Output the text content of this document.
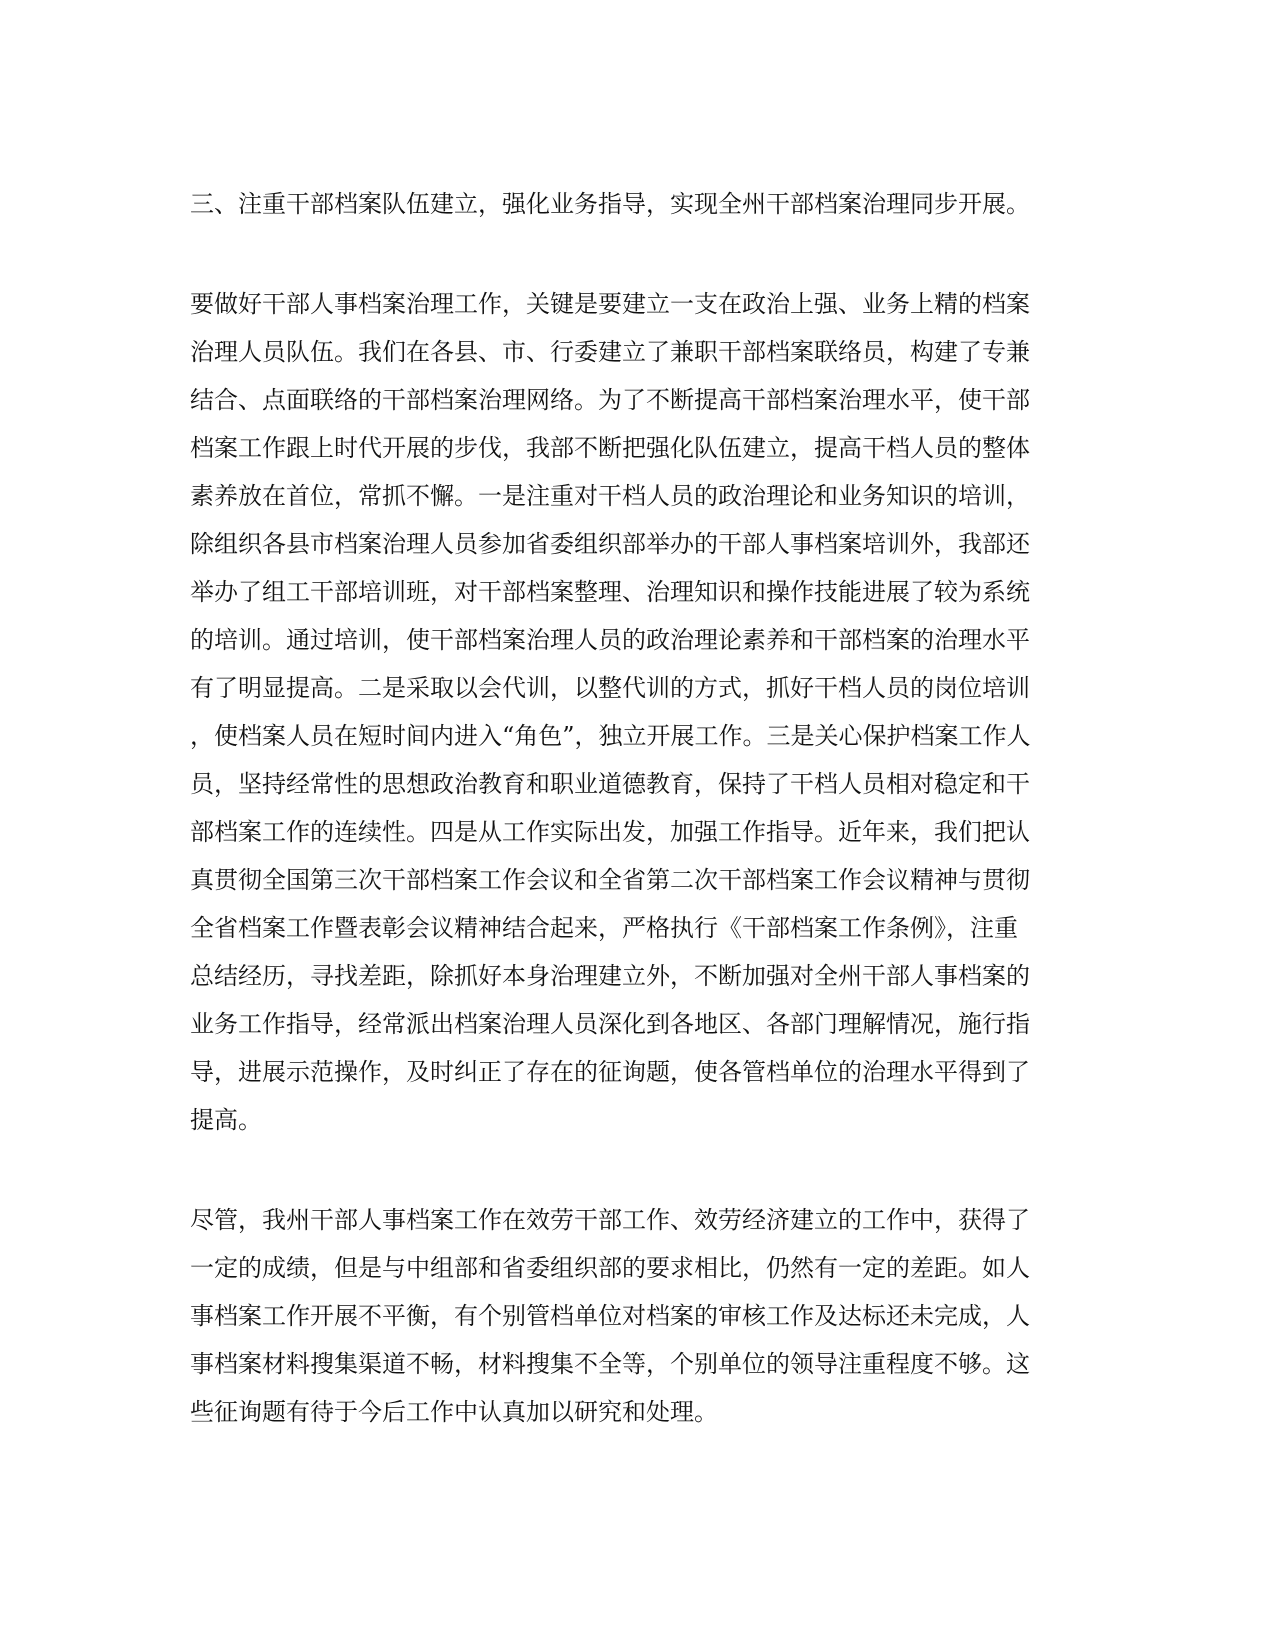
三、注重干部档案队伍建立，强化业务指导，实现全州干部档案治理同步开展。
要做好干部人事档案治理工作，关键是要建立一支在政治上强、业务上精的档案
治理人员队伍。我们在各县、市、行委建立了兼职干部档案联络员，构建了专兼
结合、点面联络的干部档案治理网络。为了不断提高干部档案治理水平，使干部
档案工作跟上时代开展的步伐，我部不断把强化队伍建立，提高干档人员的整体
素养放在首位，常抓不懈。一是注重对干档人员的政治理论和业务知识的培训，
除组织各县市档案治理人员参加省委组织部举办的干部人事档案培训外，我部还
举办了组工干部培训班，对干部档案整理、治理知识和操作技能进展了较为系统
的培训。通过培训，使干部档案治理人员的政治理论素养和干部档案的治理水平
有了明显提高。二是采取以会代训，以整代训的方式，抓好干档人员的岗位培训
，使档案人员在短时间内进入“角色”，独立开展工作。三是关心保护档案工作人
员，坚持经常性的思想政治教育和职业道德教育，保持了干档人员相对稳定和干
部档案工作的连续性。四是从工作实际出发，加强工作指导。近年来，我们把认
真贯彻全国第三次干部档案工作会议和全省第二次干部档案工作会议精神与贯彻
全省档案工作暨表彰会议精神结合起来，严格执行《干部档案工作条例》，注重
总结经历，寻找差距，除抓好本身治理建立外，不断加强对全州干部人事档案的
业务工作指导，经常派出档案治理人员深化到各地区、各部门理解情况，施行指
导，进展示范操作，及时纠正了存在的征询题，使各管档单位的治理水平得到了
提高。
尽管，我州干部人事档案工作在效劳干部工作、效劳经济建立的工作中，获得了
一定的成绩，但是与中组部和省委组织部的要求相比，仍然有一定的差距。如人
事档案工作开展不平衡，有个别管档单位对档案的审核工作及达标还未完成，人
事档案材料搜集渠道不畅，材料搜集不全等，个别单位的领导注重程度不够。这
些征询题有待于今后工作中认真加以研究和处理。
